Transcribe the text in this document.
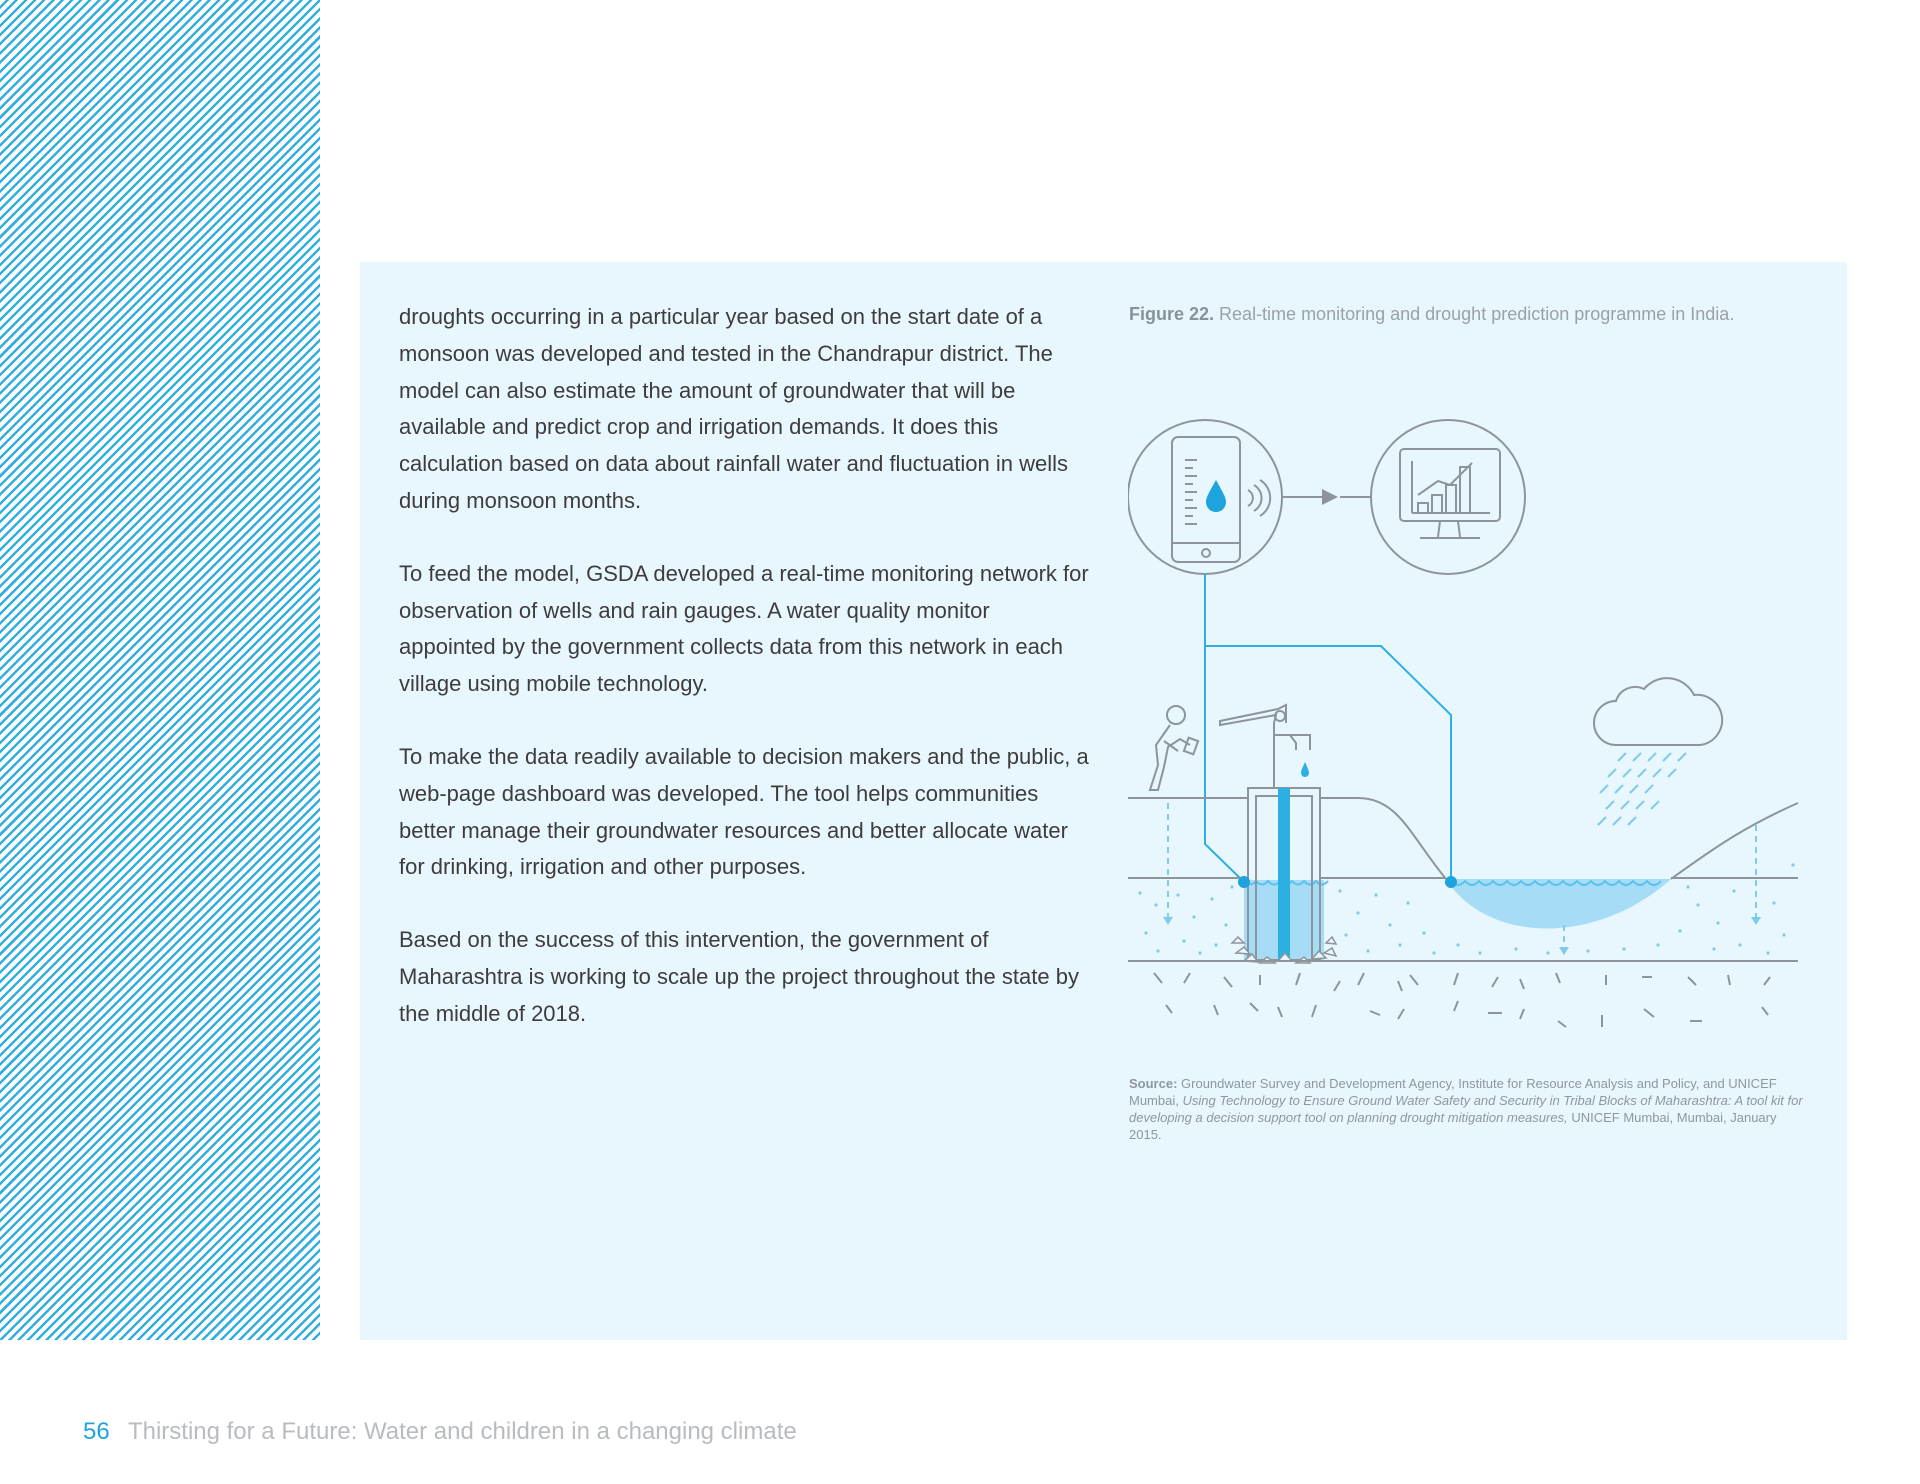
droughts occurring in a particular year based on the start date of a monsoon was developed and tested in the Chandrapur district. The model can also estimate the amount of groundwater that will be available and predict crop and irrigation demands. It does this calculation based on data about rainfall water and fluctuation in wells during monsoon months.

To feed the model, GSDA developed a real-time monitoring network for observation of wells and rain gauges. A water quality monitor appointed by the government collects data from this network in each village using mobile technology.

To make the data readily available to decision makers and the public, a web-page dashboard was developed. The tool helps communities better manage their groundwater resources and better allocate water for drinking, irrigation and other purposes.

Based on the success of this intervention, the government of Maharashtra is working to scale up the project throughout the state by the middle of 2018.

Figure 22. Real-time monitoring and drought prediction programme in India.
Source: Groundwater Survey and Development Agency, Institute for Resource Analysis and Policy, and UNICEF Mumbai, Using Technology to Ensure Ground Water Safety and Security in Tribal Blocks of Maharashtra: A tool kit for developing a decision support tool on planning drought mitigation measures, UNICEF Mumbai, Mumbai, January 2015.
56 Thirsting for a Future: Water and children in a changing climate
